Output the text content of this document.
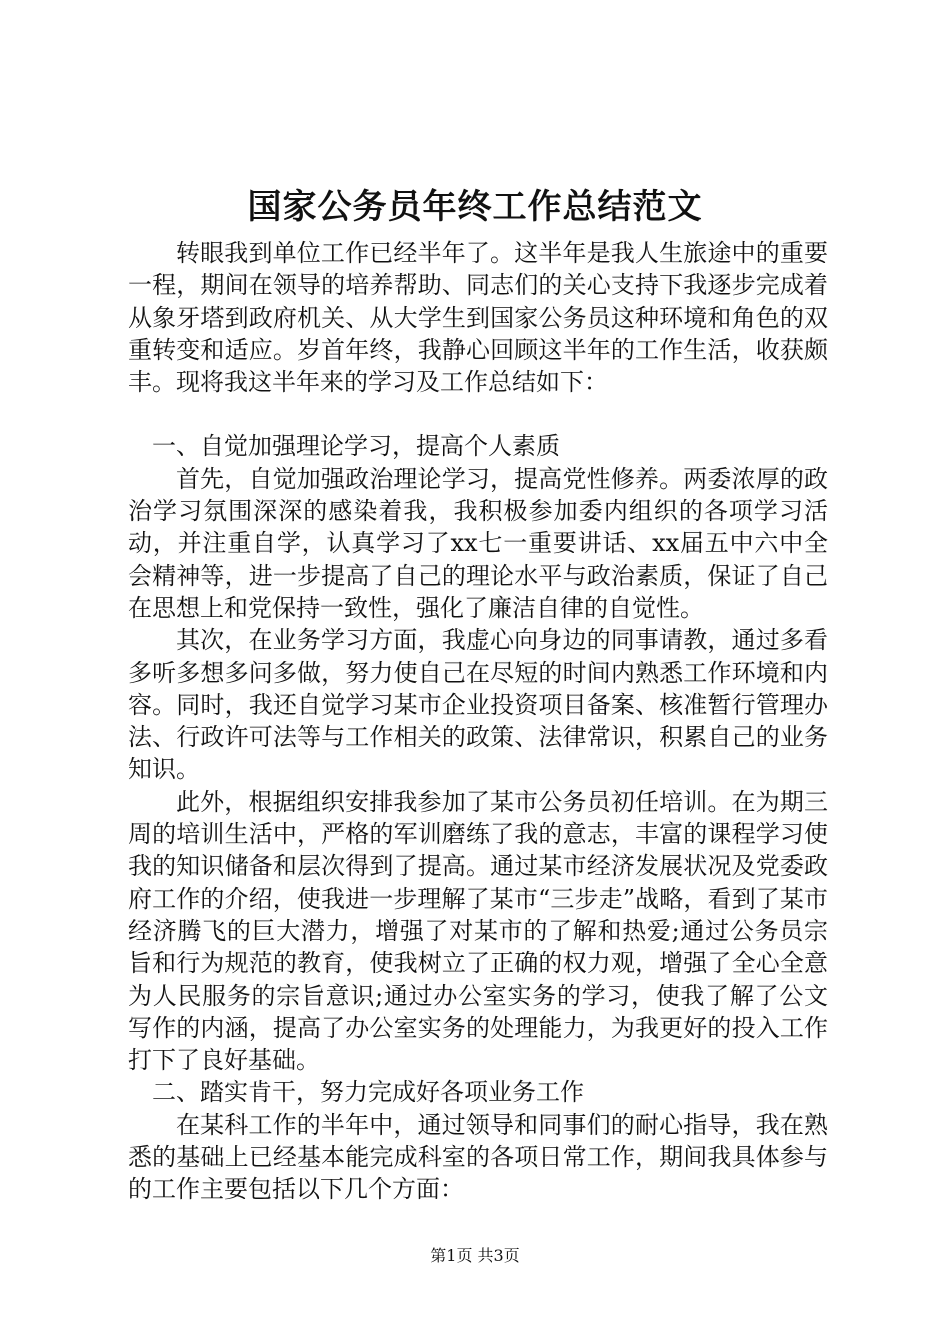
国家公务员年终工作总结范文

转眼我到单位工作已经半年了。这半年是我人生旅途中的重要一程，期间在领导的培养帮助、同志们的关心支持下我逐步完成着从象牙塔到政府机关、从大学生到国家公务员这种环境和角色的双重转变和适应。岁首年终，我静心回顾这半年的工作生活，收获颇丰。现将我这半年来的学习及工作总结如下：

一、自觉加强理论学习，提高个人素质

首先，自觉加强政治理论学习，提高党性修养。两委浓厚的政治学习氛围深深的感染着我，我积极参加委内组织的各项学习活动，并注重自学，认真学习了xx七一重要讲话、xx届五中六中全会精神等，进一步提高了自己的理论水平与政治素质，保证了自己在思想上和党保持一致性，强化了廉洁自律的自觉性。

其次，在业务学习方面，我虚心向身边的同事请教，通过多看多听多想多问多做，努力使自己在尽短的时间内熟悉工作环境和内容。同时，我还自觉学习某市企业投资项目备案、核准暂行管理办法、行政许可法等与工作相关的政策、法律常识，积累自己的业务知识。

此外，根据组织安排我参加了某市公务员初任培训。在为期三周的培训生活中，严格的军训磨练了我的意志，丰富的课程学习使我的知识储备和层次得到了提高。通过某市经济发展状况及党委政府工作的介绍，使我进一步理解了某市“三步走”战略，看到了某市经济腾飞的巨大潜力，增强了对某市的了解和热爱;通过公务员宗旨和行为规范的教育，使我树立了正确的权力观，增强了全心全意为人民服务的宗旨意识;通过办公室实务的学习，使我了解了公文写作的内涵，提高了办公室实务的处理能力，为我更好的投入工作打下了良好基础。

二、踏实肯干，努力完成好各项业务工作

在某科工作的半年中，通过领导和同事们的耐心指导，我在熟悉的基础上已经基本能完成科室的各项日常工作，期间我具体参与的工作主要包括以下几个方面：

第1页 共3页
